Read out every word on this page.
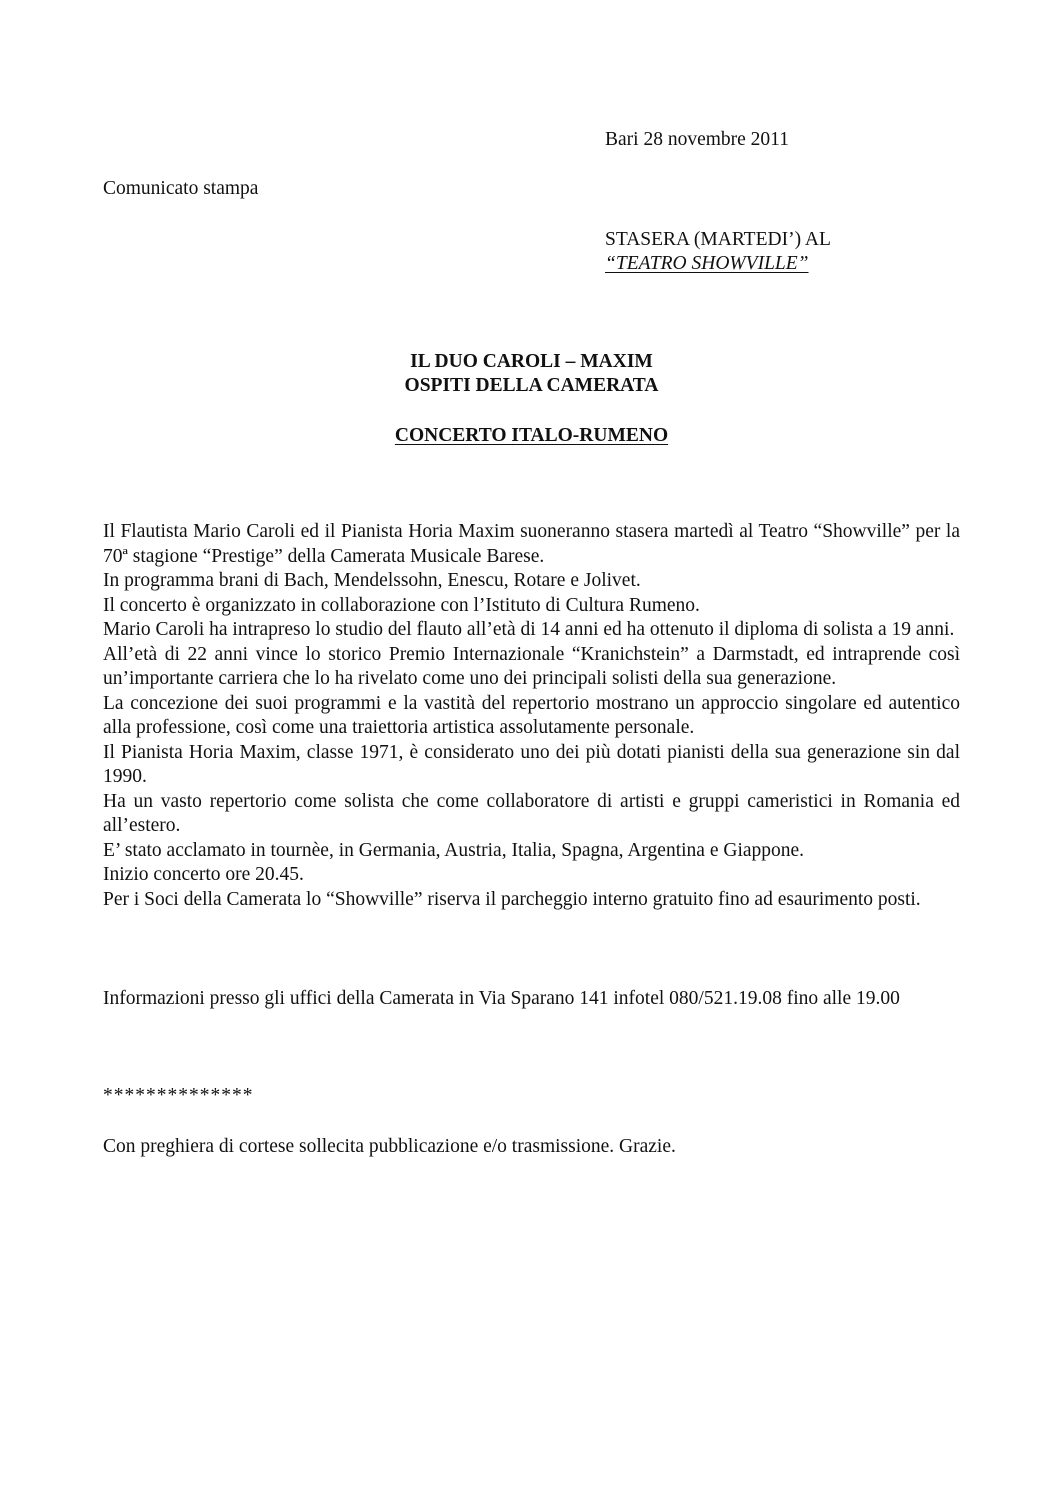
Bari 28 novembre 2011
Comunicato stampa
STASERA (MARTEDI’) AL
“TEATRO SHOWVILLE”
IL DUO CAROLI – MAXIM
OSPITI DELLA CAMERATA
CONCERTO ITALO-RUMENO

Il Flautista Mario Caroli ed il Pianista Horia Maxim suoneranno stasera martedì al Teatro “Showville” per la 70ª stagione “Prestige” della Camerata Musicale Barese.

In programma brani di Bach, Mendelssohn, Enescu, Rotare e Jolivet.

Il concerto è organizzato in collaborazione con l’Istituto di Cultura Rumeno.

Mario Caroli ha intrapreso lo studio del flauto all’età di 14 anni ed ha ottenuto il diploma di solista a 19 anni.

All’età di 22 anni vince lo storico Premio Internazionale “Kranichstein” a Darmstadt, ed intraprende così un’importante carriera che lo ha rivelato come uno dei principali solisti della sua generazione.

La concezione dei suoi programmi e la vastità del repertorio mostrano un approccio singolare ed autentico alla professione, così come una traiettoria artistica assolutamente personale.

Il Pianista Horia Maxim, classe 1971, è considerato uno dei più dotati pianisti della sua generazione sin dal 1990.

Ha un vasto repertorio come solista che come collaboratore di artisti e gruppi cameristici in Romania ed all’estero.

E’ stato acclamato in tournèe, in Germania, Austria, Italia, Spagna, Argentina e Giappone.

Inizio concerto ore 20.45.

Per i Soci della Camerata lo “Showville” riserva il parcheggio interno gratuito fino ad esaurimento posti.

Informazioni presso gli uffici della Camerata in Via Sparano 141 infotel 080/521.19.08 fino alle 19.00

**************
Con preghiera di cortese sollecita pubblicazione e/o trasmissione. Grazie.
